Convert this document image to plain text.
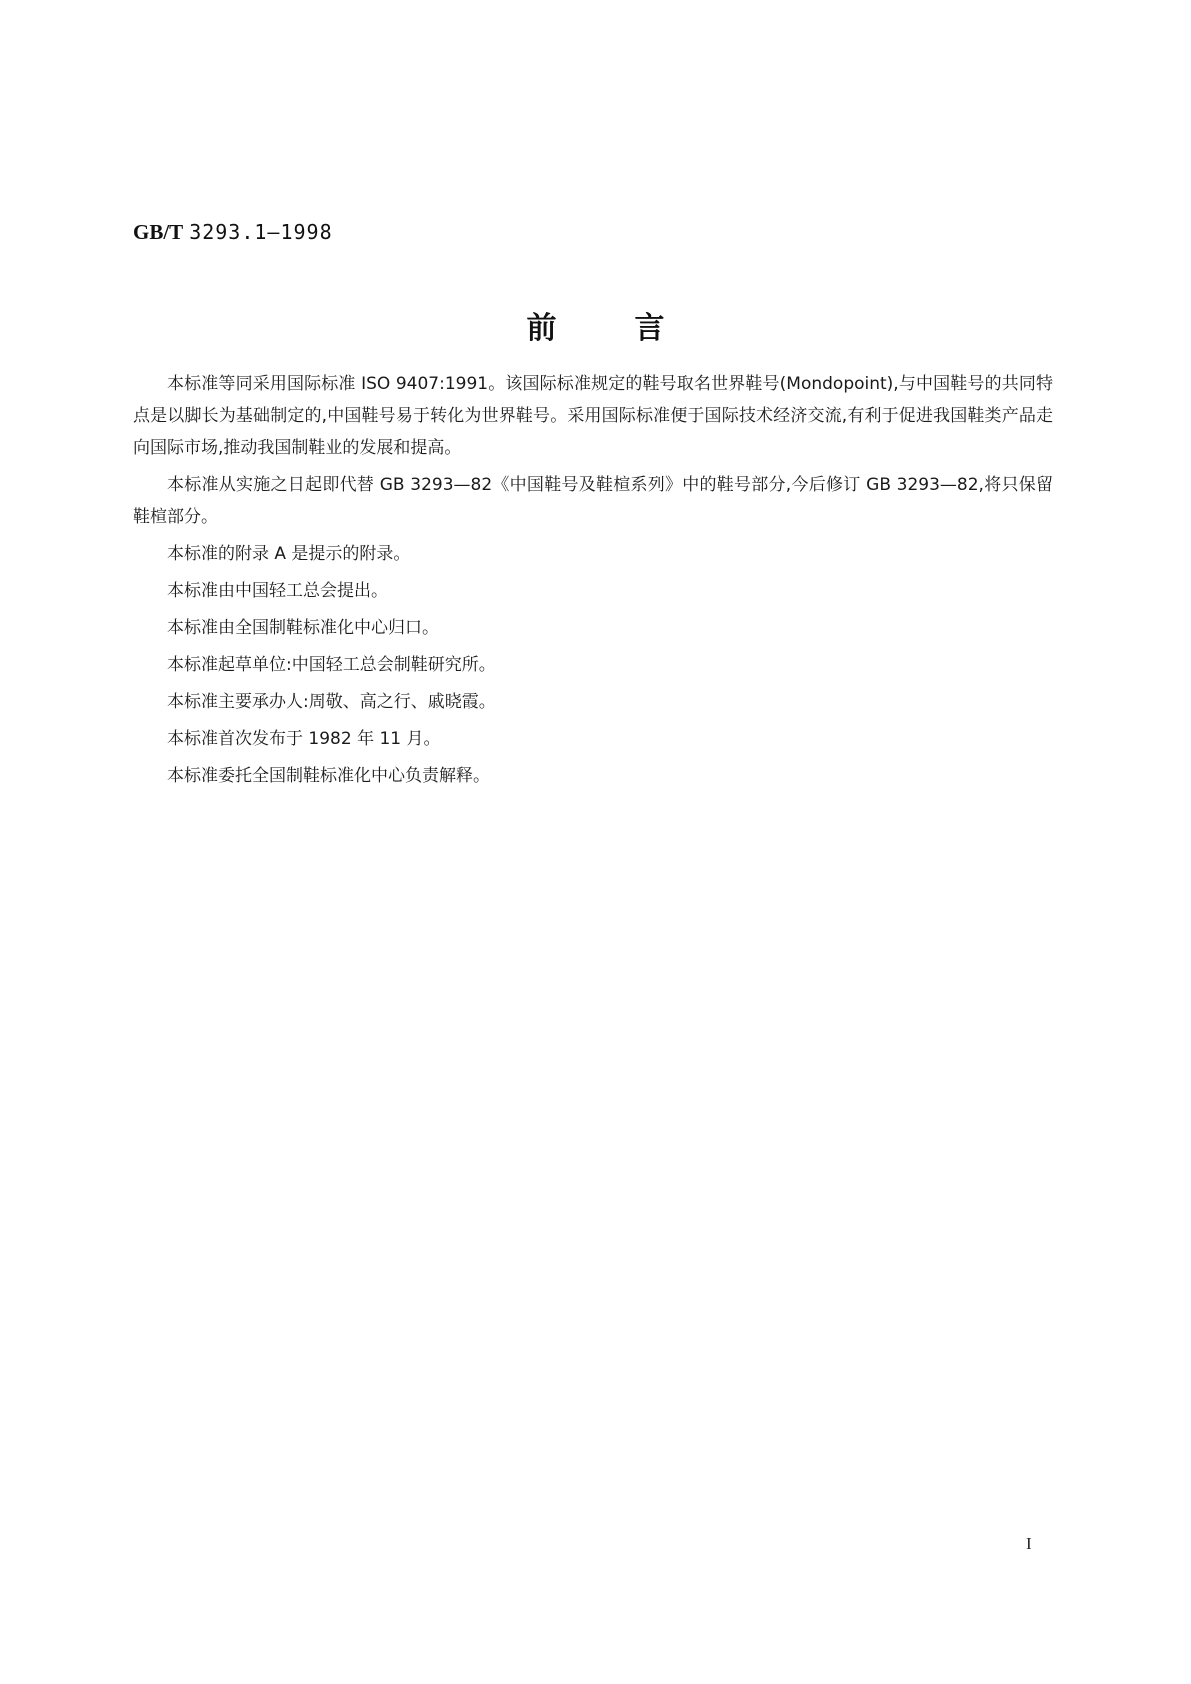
GB/T 3293.1—1998
前言

本标准等同采用国际标准 ISO 9407:1991。该国际标准规定的鞋号取名世界鞋号(Mondopoint),与中国鞋号的共同特点是以脚长为基础制定的,中国鞋号易于转化为世界鞋号。采用国际标准便于国际技术经济交流,有利于促进我国鞋类产品走向国际市场,推动我国制鞋业的发展和提高。

本标准从实施之日起即代替 GB 3293—82《中国鞋号及鞋楦系列》中的鞋号部分,今后修订 GB 3293—82,将只保留鞋楦部分。

本标准的附录 A 是提示的附录。

本标准由中国轻工总会提出。

本标准由全国制鞋标准化中心归口。

本标准起草单位:中国轻工总会制鞋研究所。

本标准主要承办人:周敬、高之行、戚晓霞。

本标准首次发布于 1982 年 11 月。

本标准委托全国制鞋标准化中心负责解释。

I
